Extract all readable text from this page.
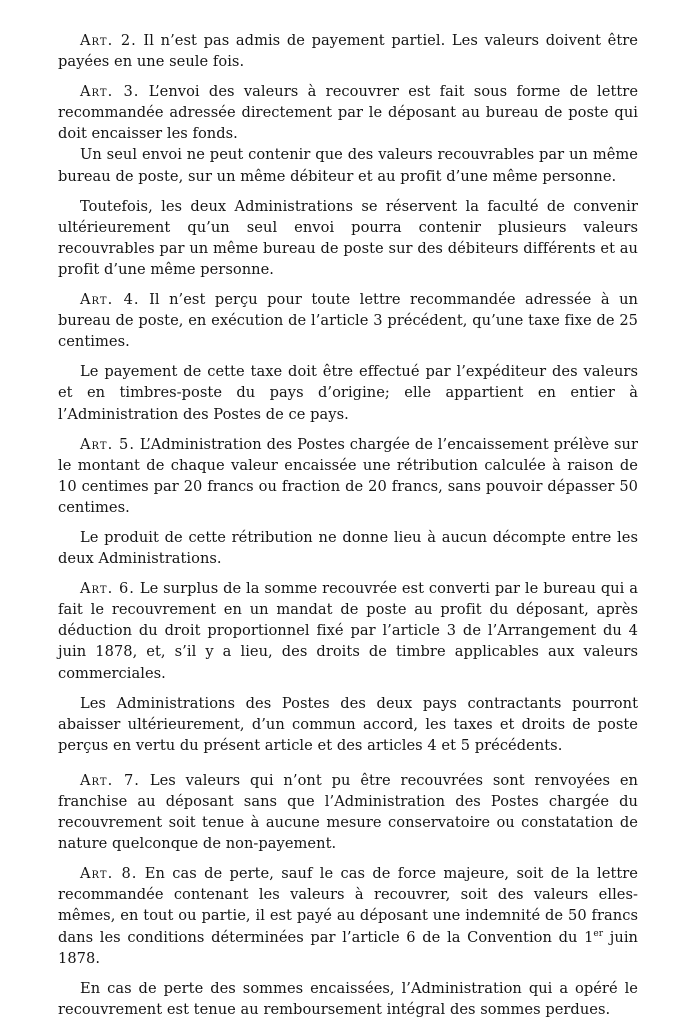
Art. 2. Il n’est pas admis de payement partiel. Les valeurs doivent être payées en une seule fois.

Art. 3. L’envoi des valeurs à recouvrer est fait sous forme de lettre recommandée adressée directement par le déposant au bureau de poste qui doit encaisser les fonds.

Un seul envoi ne peut contenir que des valeurs recouvrables par un même bureau de poste, sur un même débiteur et au profit d’une même personne.

Toutefois, les deux Administrations se réservent la faculté de convenir ultérieurement qu’un seul envoi pourra contenir plusieurs valeurs recouvrables par un même bureau de poste sur des débiteurs différents et au profit d’une même personne.

Art. 4. Il n’est perçu pour toute lettre recommandée adressée à un bureau de poste, en exécution de l’article 3 précédent, qu’une taxe fixe de 25 centimes.

Le payement de cette taxe doit être effectué par l’expéditeur des valeurs et en timbres-poste du pays d’origine; elle appartient en entier à l’Administration des Postes de ce pays.

Art. 5. L’Administration des Postes chargée de l’encaissement prélève sur le montant de chaque valeur encaissée une rétribution calculée à raison de 10 centimes par 20 francs ou fraction de 20 francs, sans pouvoir dépasser 50 centimes.

Le produit de cette rétribution ne donne lieu à aucun décompte entre les deux Administrations.

Art. 6. Le surplus de la somme recouvrée est converti par le bureau qui a fait le recouvrement en un mandat de poste au profit du déposant, après déduction du droit proportionnel fixé par l’article 3 de l’Arrangement du 4 juin 1878, et, s’il y a lieu, des droits de timbre applicables aux valeurs commerciales.

Les Administrations des Postes des deux pays contractants pourront abaisser ultérieurement, d’un commun accord, les taxes et droits de poste perçus en vertu du présent article et des articles 4 et 5 précédents.

Art. 7. Les valeurs qui n’ont pu être recouvrées sont renvoyées en franchise au déposant sans que l’Administration des Postes chargée du recouvrement soit tenue à aucune mesure conservatoire ou constatation de nature quelconque de non-payement.

Art. 8. En cas de perte, sauf le cas de force majeure, soit de la lettre recommandée contenant les valeurs à recouvrer, soit des valeurs elles-mêmes, en tout ou partie, il est payé au déposant une indemnité de 50 francs dans les conditions déterminées par l’article 6 de la Convention du 1er juin 1878.

En cas de perte des sommes encaissées, l’Administration qui a opéré le recouvrement est tenue au remboursement intégral des sommes perdues.
